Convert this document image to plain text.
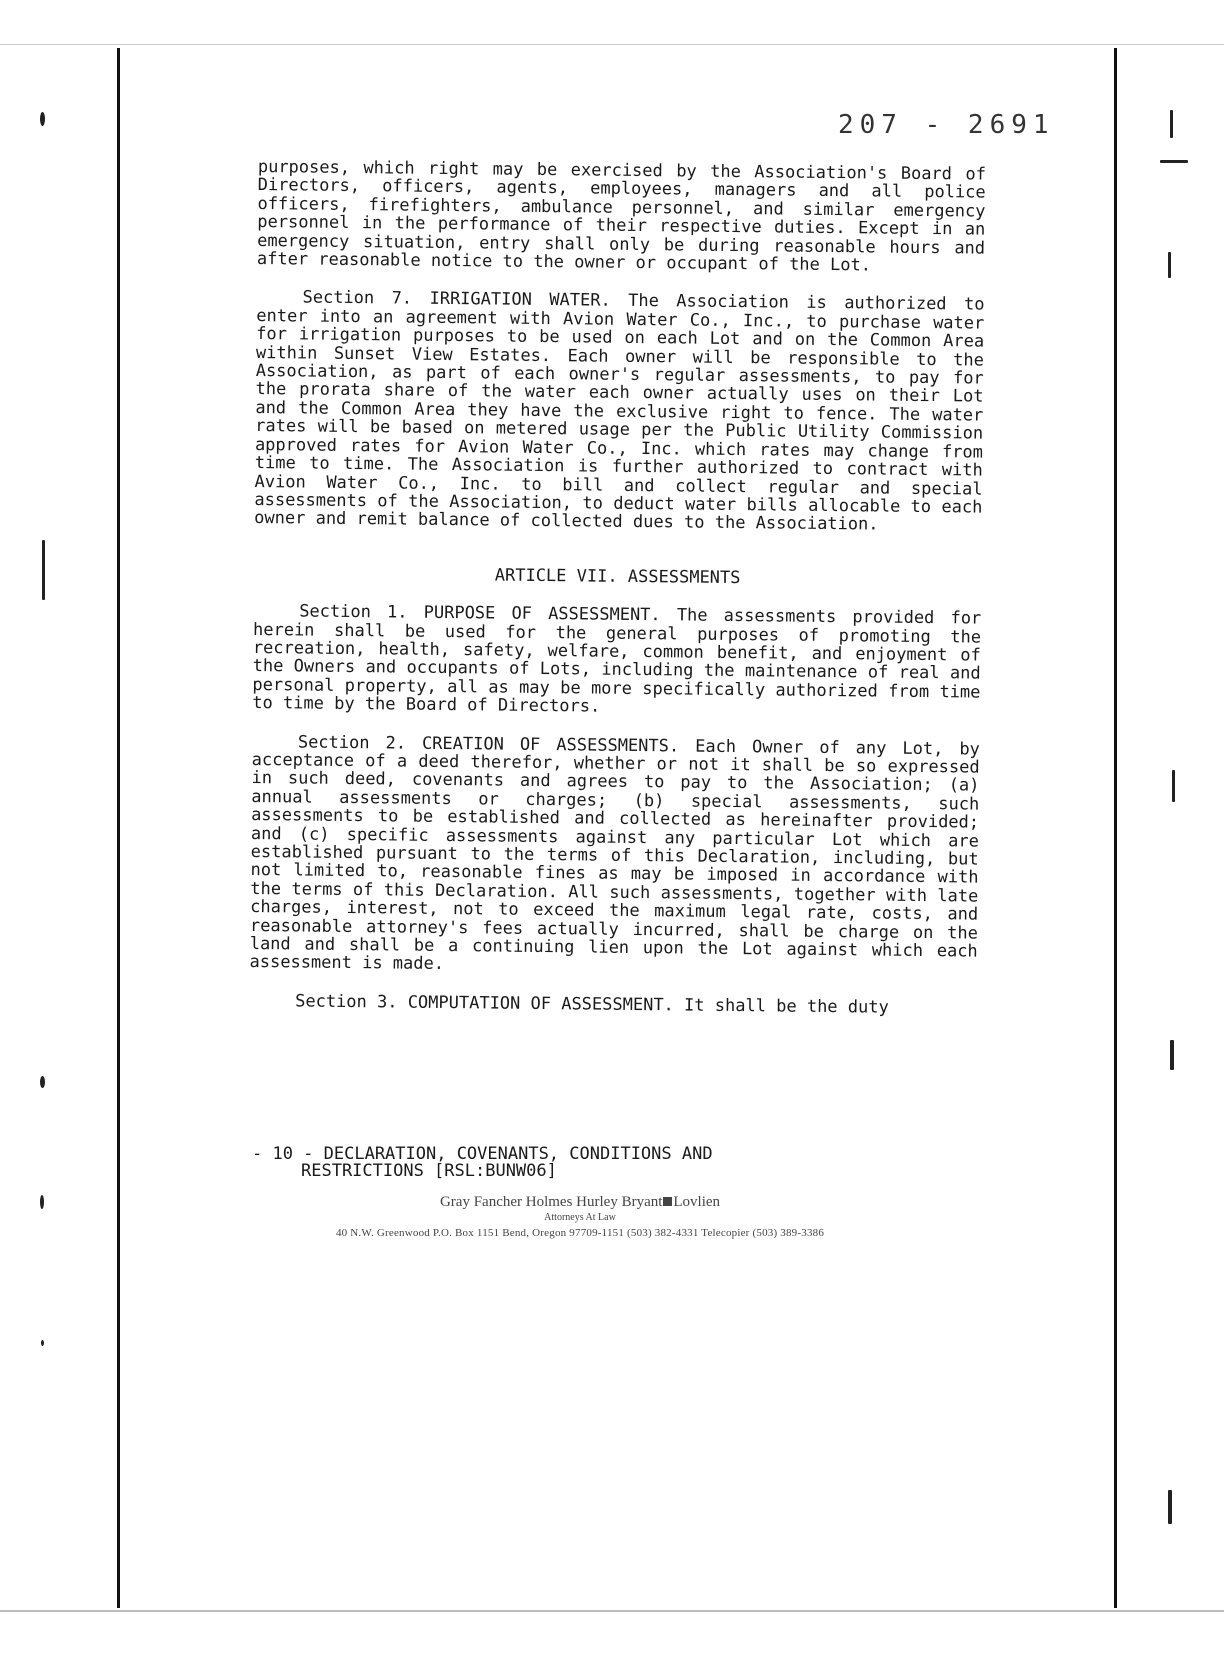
207 - 2691

purposes, which right may be exercised by the Association's Board of Directors, officers, agents, employees, managers and all police officers, firefighters, ambulance personnel, and similar emergency personnel in the performance of their respective duties. Except in an emergency situation, entry shall only be during reasonable hours and after reasonable notice to the owner or occupant of the Lot.

Section 7. IRRIGATION WATER. The Association is authorized to enter into an agreement with Avion Water Co., Inc., to purchase water for irrigation purposes to be used on each Lot and on the Common Area within Sunset View Estates. Each owner will be responsible to the Association, as part of each owner's regular assessments, to pay for the prorata share of the water each owner actually uses on their Lot and the Common Area they have the exclusive right to fence. The water rates will be based on metered usage per the Public Utility Commission approved rates for Avion Water Co., Inc. which rates may change from time to time. The Association is further authorized to contract with Avion Water Co., Inc. to bill and collect regular and special assessments of the Association, to deduct water bills allocable to each owner and remit balance of collected dues to the Association.

ARTICLE VII. ASSESSMENTS

Section 1. PURPOSE OF ASSESSMENT. The assessments provided for herein shall be used for the general purposes of promoting the recreation, health, safety, welfare, common benefit, and enjoyment of the Owners and occupants of Lots, including the maintenance of real and personal property, all as may be more specifically authorized from time to time by the Board of Directors.

Section 2. CREATION OF ASSESSMENTS. Each Owner of any Lot, by acceptance of a deed therefor, whether or not it shall be so expressed in such deed, covenants and agrees to pay to the Association; (a) annual assessments or charges; (b) special assessments, such assessments to be established and collected as hereinafter provided; and (c) specific assessments against any particular Lot which are established pursuant to the terms of this Declaration, including, but not limited to, reasonable fines as may be imposed in accordance with the terms of this Declaration. All such assessments, together with late charges, interest, not to exceed the maximum legal rate, costs, and reasonable attorney's fees actually incurred, shall be charge on the land and shall be a continuing lien upon the Lot against which each assessment is made.

Section 3. COMPUTATION OF ASSESSMENT. It shall be the duty

- 10 - DECLARATION, COVENANTS, CONDITIONS AND
RESTRICTIONS [RSL:BUNW06]
Gray Fancher Holmes Hurley Bryant Lovlien
Attorneys At Law
40 N.W. Greenwood P.O. Box 1151 Bend, Oregon 97709-1151 (503) 382-4331 Telecopier (503) 389-3386
